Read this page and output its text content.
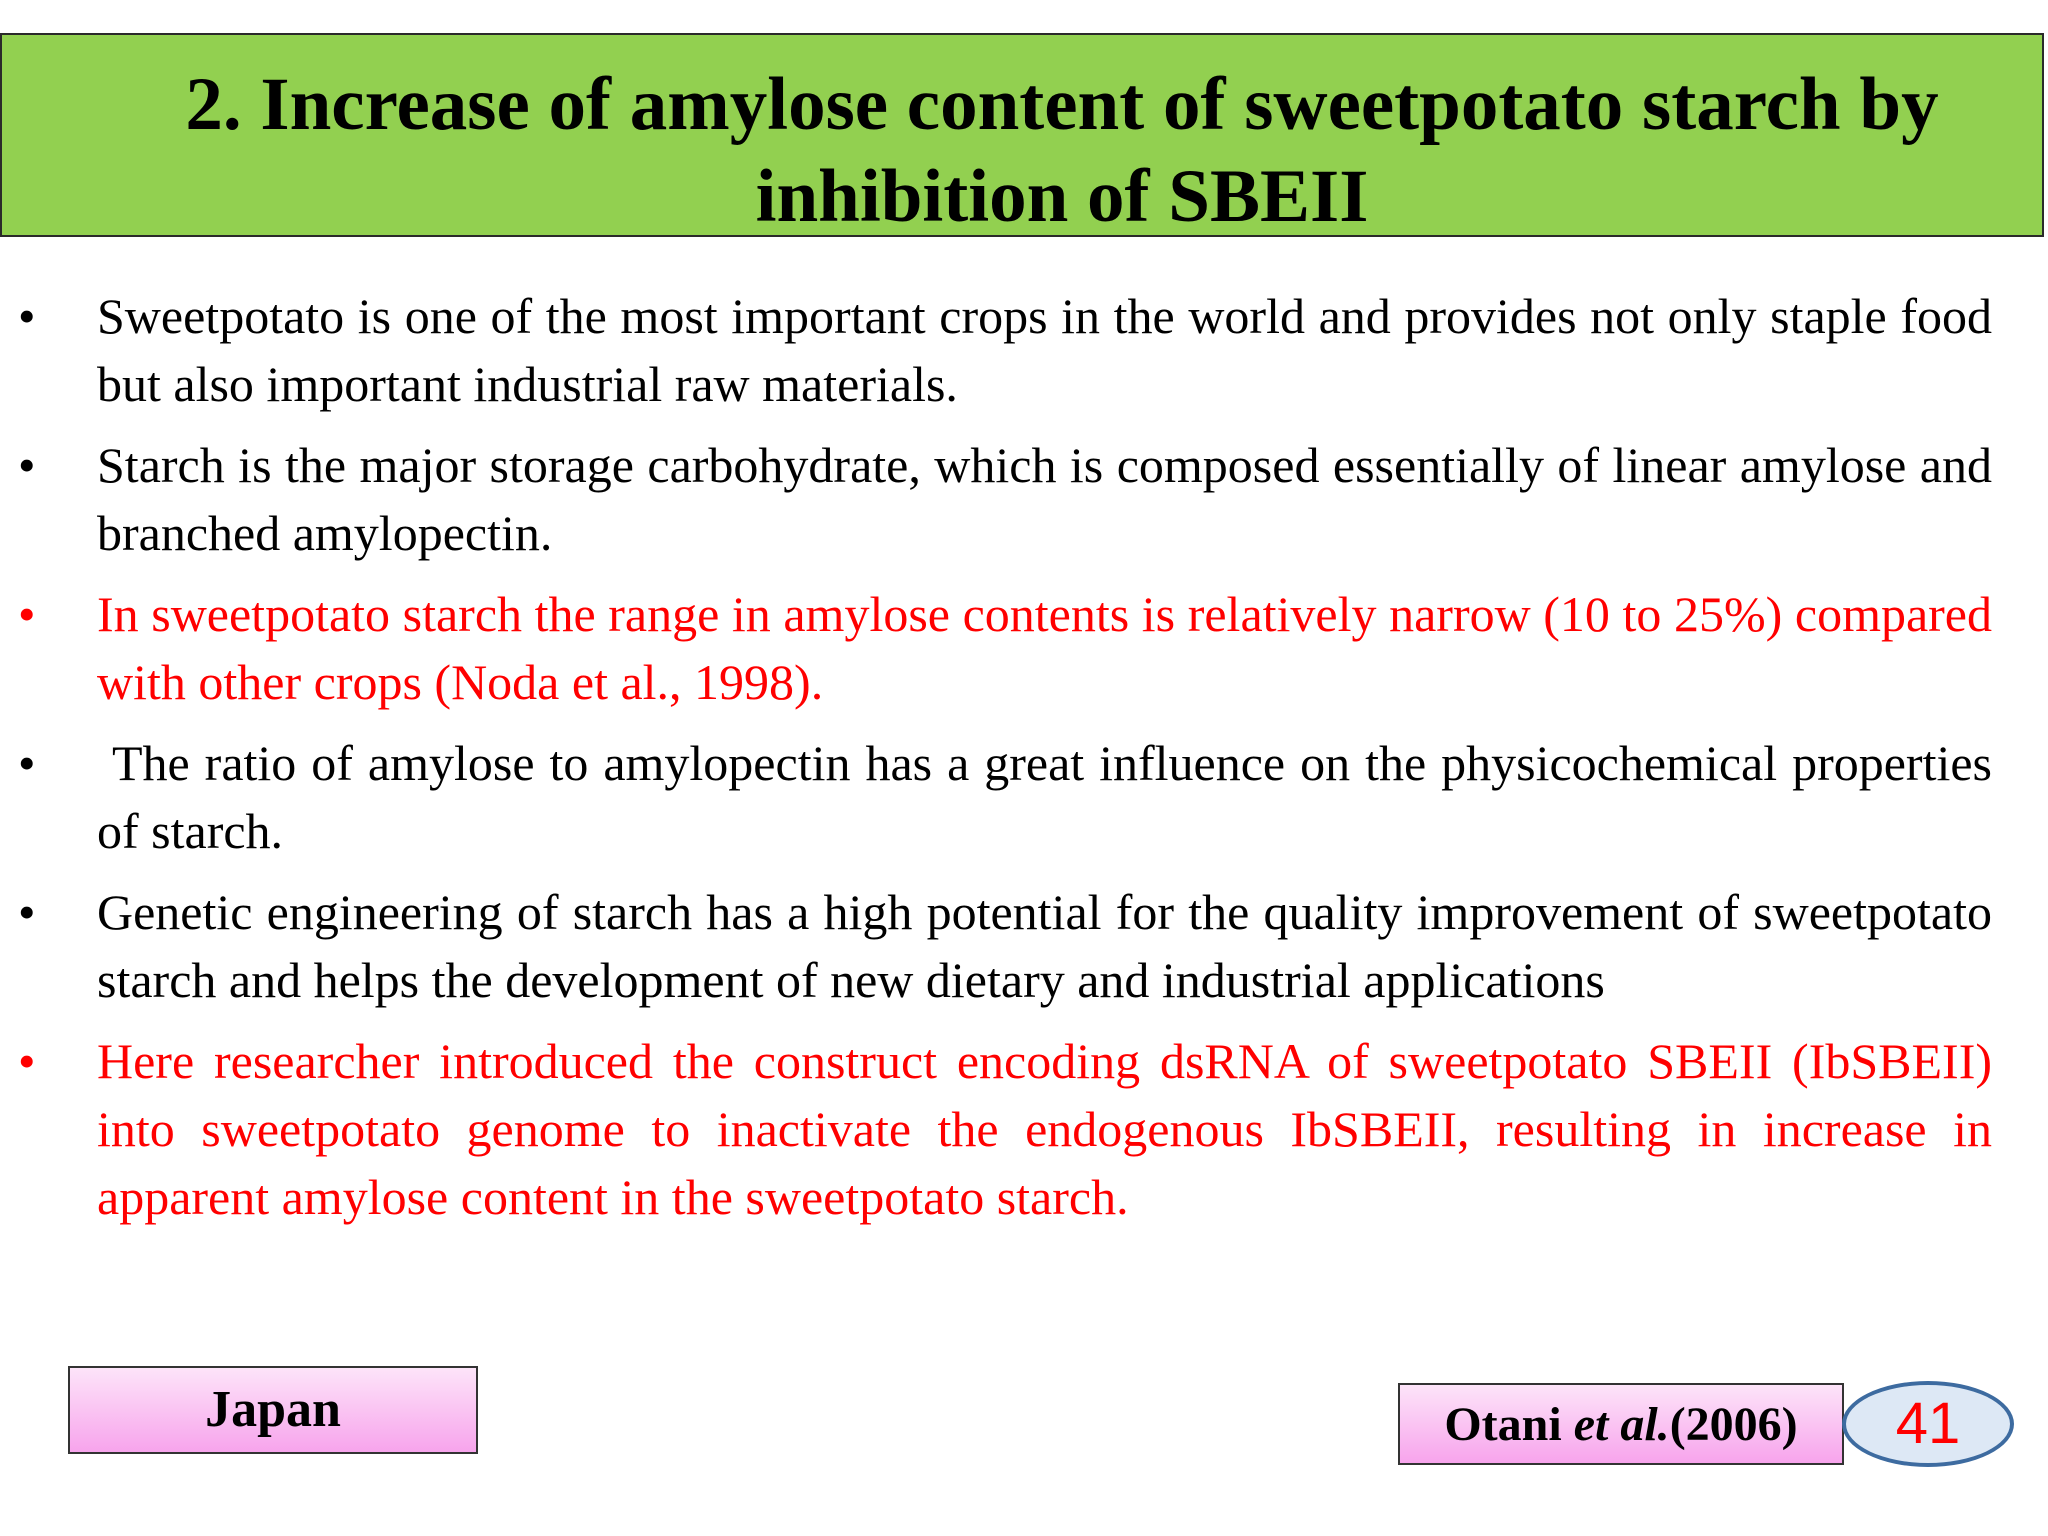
2. Increase of amylose content of sweetpotato starch by inhibition of SBEII
• Sweetpotato is one of the most important crops in the world and provides not only staple food but also important industrial raw materials.
• Starch is the major storage carbohydrate, which is composed essentially of linear amylose and branched amylopectin.
• In sweetpotato starch the range in amylose contents is relatively narrow (10 to 25%) compared with other crops (Noda et al., 1998).
• The ratio of amylose to amylopectin has a great influence on the physicochemical properties of starch.
• Genetic engineering of starch has a high potential for the quality improvement of sweetpotato starch and helps the development of new dietary and industrial applications
• Here researcher introduced the construct encoding dsRNA of sweetpotato SBEII (IbSBEII) into sweetpotato genome to inactivate the endogenous IbSBEII, resulting in increase in apparent amylose content in the sweetpotato starch.
Japan	Otani et al.(2006)	41
